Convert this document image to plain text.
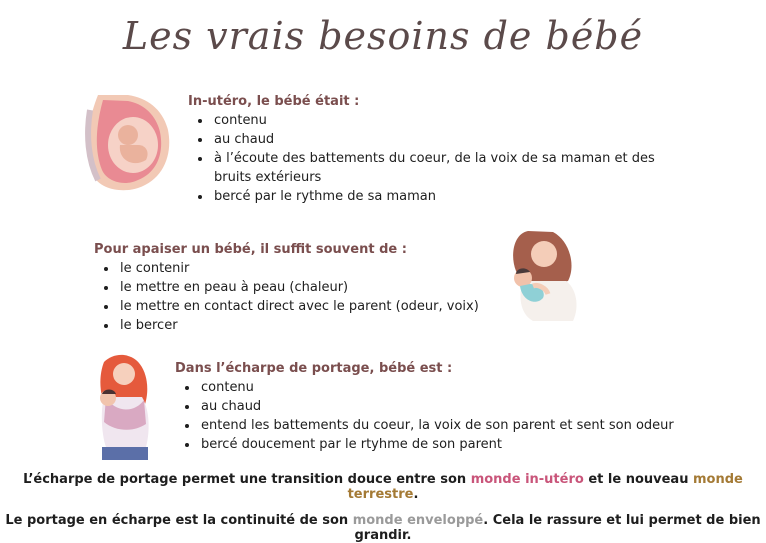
Les vrais besoins de bébé
In-utéro, le bébé était :
• contenu
• au chaud
• à l’écoute des battements du coeur, de la voix de sa maman et des bruits extérieurs
• bercé par le rythme de sa maman
Pour apaiser un bébé, il suffit souvent de :
• le contenir
• le mettre en peau à peau (chaleur)
• le mettre en contact direct avec le parent (odeur, voix)
• le bercer
Dans l’écharpe de portage, bébé est :
• contenu
• au chaud
• entend les battements du coeur, la voix de son parent et sent son odeur
• bercé doucement par le rtyhme de son parent
L’écharpe de portage permet une transition douce entre son monde in-utéro et le nouveau monde terrestre.
Le portage en écharpe est la continuité de son monde enveloppé. Cela le rassure et lui permet de bien grandir.
